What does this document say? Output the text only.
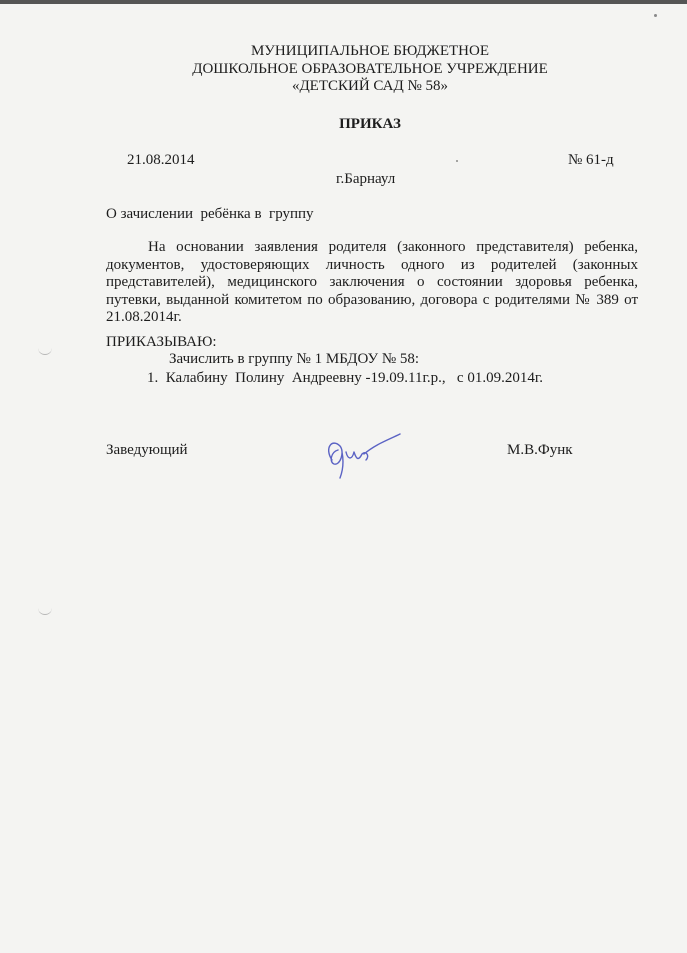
МУНИЦИПАЛЬНОЕ БЮДЖЕТНОЕ
ДОШКОЛЬНОЕ ОБРАЗОВАТЕЛЬНОЕ УЧРЕЖДЕНИЕ
«ДЕТСКИЙ САД № 58»
ПРИКАЗ
21.08.2014	№ 61-д
г.Барнаул
О зачислении  ребёнка в  группу
На основании заявления родителя (законного представителя) ребенка, документов, удостоверяющих личность одного из родителей (законных представителей), медицинского заключения о состоянии здоровья ребенка, путевки, выданной комитетом по образованию, договора с родителями № 389 от 21.08.2014г.
ПРИКАЗЫВАЮ:
Зачислить в группу № 1 МБДОУ № 58:
1.  Калабину  Полину  Андреевну -19.09.11г.р.,   с 01.09.2014г.
Заведующий	М.В.Функ
